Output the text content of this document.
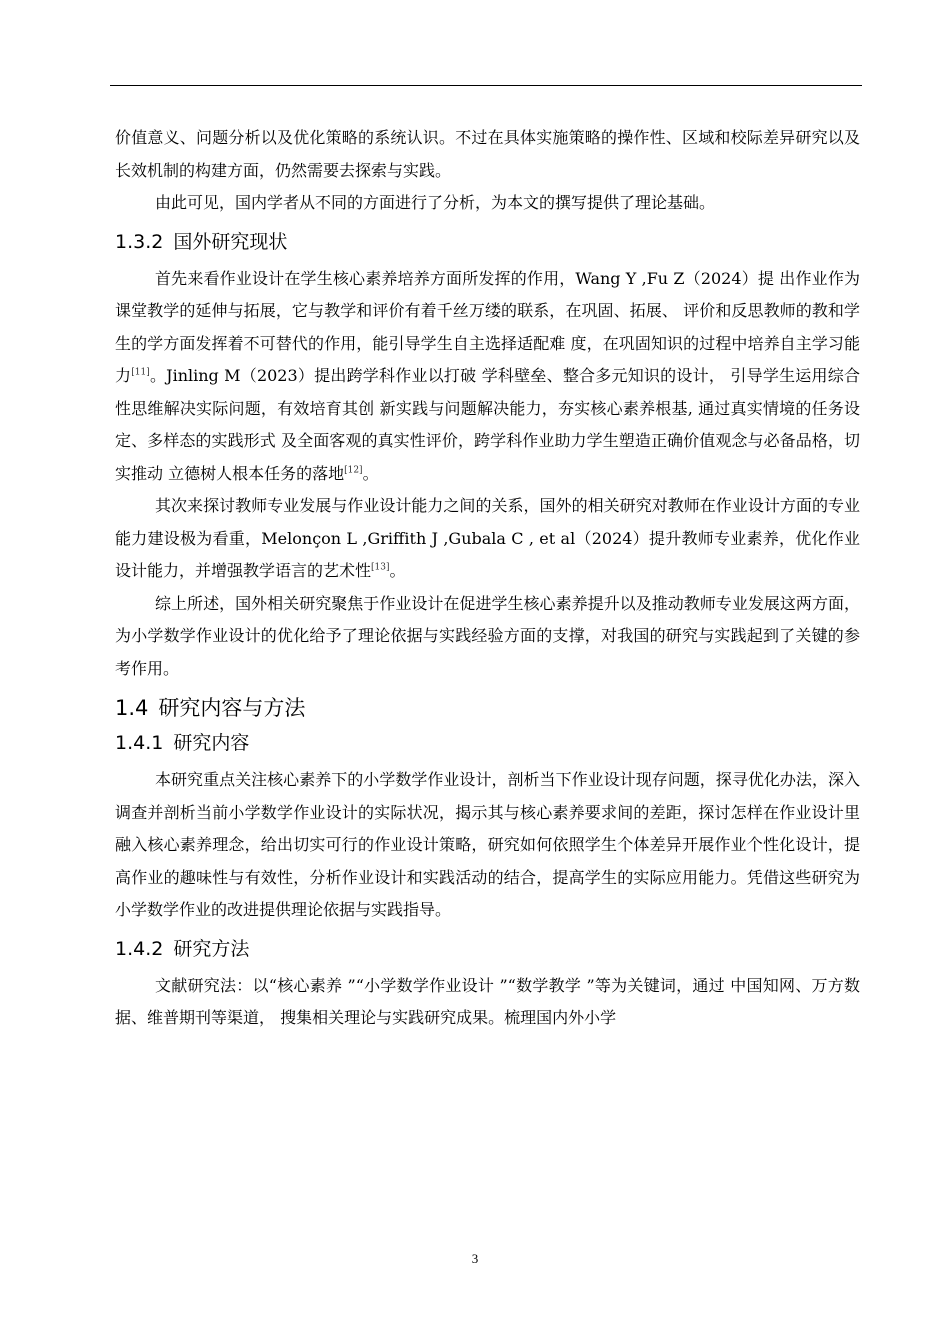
价值意义、问题分析以及优化策略的系统认识。不过在具体实施策略的操作性、区域和校际差异研究以及长效机制的构建方面，仍然需要去探索与实践。

由此可见，国内学者从不同的方面进行了分析，为本文的撰写提供了理论基础。

1.3.2 国外研究现状

首先来看作业设计在学生核心素养培养方面所发挥的作用，Wang Y ,Fu Z（2024）提 出作业作为课堂教学的延伸与拓展，它与教学和评价有着千丝万缕的联系，在巩固、拓展、 评价和反思教师的教和学生的学方面发挥着不可替代的作用，能引导学生自主选择适配难 度，在巩固知识的过程中培养自主学习能力[11]。Jinling M（2023）提出跨学科作业以打破 学科壁垒、整合多元知识的设计， 引导学生运用综合性思维解决实际问题，有效培育其创 新实践与问题解决能力，夯实核心素养根基, 通过真实情境的任务设定、多样态的实践形式 及全面客观的真实性评价，跨学科作业助力学生塑造正确价值观念与必备品格，切实推动 立德树人根本任务的落地[12]。

其次来探讨教师专业发展与作业设计能力之间的关系，国外的相关研究对教师在作业设计方面的专业能力建设极为看重，Melonçon L ,Griffith J ,Gubala C , et al（2024）提升教师专业素养，优化作业设计能力，并增强教学语言的艺术性[13]。

综上所述，国外相关研究聚焦于作业设计在促进学生核心素养提升以及推动教师专业发展这两方面，为小学数学作业设计的优化给予了理论依据与实践经验方面的支撑，对我国的研究与实践起到了关键的参考作用。

1.4 研究内容与方法
1.4.1 研究内容

本研究重点关注核心素养下的小学数学作业设计，剖析当下作业设计现存问题，探寻优化办法，深入调查并剖析当前小学数学作业设计的实际状况，揭示其与核心素养要求间的差距，探讨怎样在作业设计里融入核心素养理念，给出切实可行的作业设计策略，研究如何依照学生个体差异开展作业个性化设计，提高作业的趣味性与有效性，分析作业设计和实践活动的结合，提高学生的实际应用能力。凭借这些研究为小学数学作业的改进提供理论依据与实践指导。

1.4.2 研究方法

文献研究法：以“核心素养 ”“小学数学作业设计 ”“数学教学 ”等为关键词，通过 中国知网、万方数据、维普期刊等渠道， 搜集相关理论与实践研究成果。梳理国内外小学

3
